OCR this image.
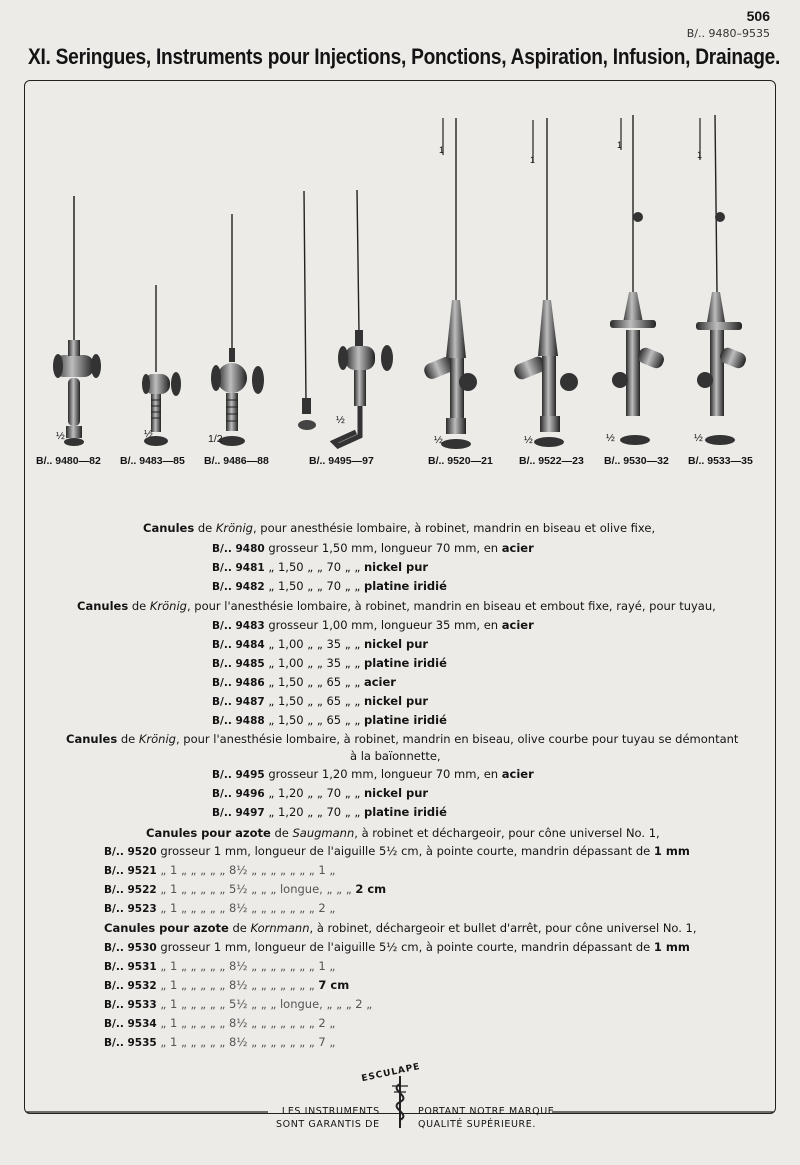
506
B/.. 9480–9535
XI. Seringues, Instruments pour Injections, Ponctions, Aspiration, Infusion, Drainage.
½	½	1/2
½
½	½	½	½
1
1
1
1
B/.. 9480—82 B/.. 9483—85 B/.. 9486—88	B/.. 9495—97	B/.. 9520—21 B/.. 9522—23 B/.. 9530—32 B/.. 9533—35
Canules de Krönig, pour anesthésie lombaire, à robinet, mandrin en biseau et olive fixe,
B/.. 9480 grosseur 1,50 mm, longueur 70 mm, en acier
B/.. 9481 „ 1,50 „ „ 70 „ „ nickel pur
B/.. 9482 „ 1,50 „ „ 70 „ „ platine iridié
Canules de Krönig, pour l'anesthésie lombaire, à robinet, mandrin en biseau et embout fixe, rayé, pour tuyau,
B/.. 9483 grosseur 1,00 mm, longueur 35 mm, en acier
B/.. 9484 „ 1,00 „ „ 35 „ „ nickel pur
B/.. 9485 „ 1,00 „ „ 35 „ „ platine iridié
B/.. 9486 „ 1,50 „ „ 65 „ „ acier
B/.. 9487 „ 1,50 „ „ 65 „ „ nickel pur
B/.. 9488 „ 1,50 „ „ 65 „ „ platine iridié
Canules de Krönig, pour l'anesthésie lombaire, à robinet, mandrin en biseau, olive courbe pour tuyau se démontant
à la baïonnette,
B/.. 9495 grosseur 1,20 mm, longueur 70 mm, en acier
B/.. 9496 „ 1,20 „ „ 70 „ „ nickel pur
B/.. 9497 „ 1,20 „ „ 70 „ „ platine iridié
Canules pour azote de Saugmann, à robinet et déchargeoir, pour cône universel No. 1,
B/.. 9520 grosseur 1 mm, longueur de l'aiguille 5½ cm, à pointe courte, mandrin dépassant de 1 mm
B/.. 9521 „ 1 „ „ „ „ „ 8½ „ „ „ „ „ „ „ 1 „
B/.. 9522 „ 1 „ „ „ „ „ 5½ „ „ „ longue, „ „ „ 2 cm
B/.. 9523 „ 1 „ „ „ „ „ 8½ „ „ „ „ „ „ „ 2 „
Canules pour azote de Kornmann, à robinet, déchargeoir et bullet d'arrêt, pour cône universel No. 1,
B/.. 9530 grosseur 1 mm, longueur de l'aiguille 5½ cm, à pointe courte, mandrin dépassant de 1 mm
B/.. 9531 „ 1 „ „ „ „ „ 8½ „ „ „ „ „ „ „ 1 „
B/.. 9532 „ 1 „ „ „ „ „ 8½ „ „ „ „ „ „ „ 7 cm
B/.. 9533 „ 1 „ „ „ „ „ 5½ „ „ „ longue, „ „ „ 2 „
B/.. 9534 „ 1 „ „ „ „ „ 8½ „ „ „ „ „ „ „ 2 „
B/.. 9535 „ 1 „ „ „ „ „ 8½ „ „ „ „ „ „ „ 7 „
LES INSTRUMENTS
SONT GARANTIS DE
PORTANT NOTRE MARQUE
QUALITÉ SUPÉRIEURE.
ESCULAPE
